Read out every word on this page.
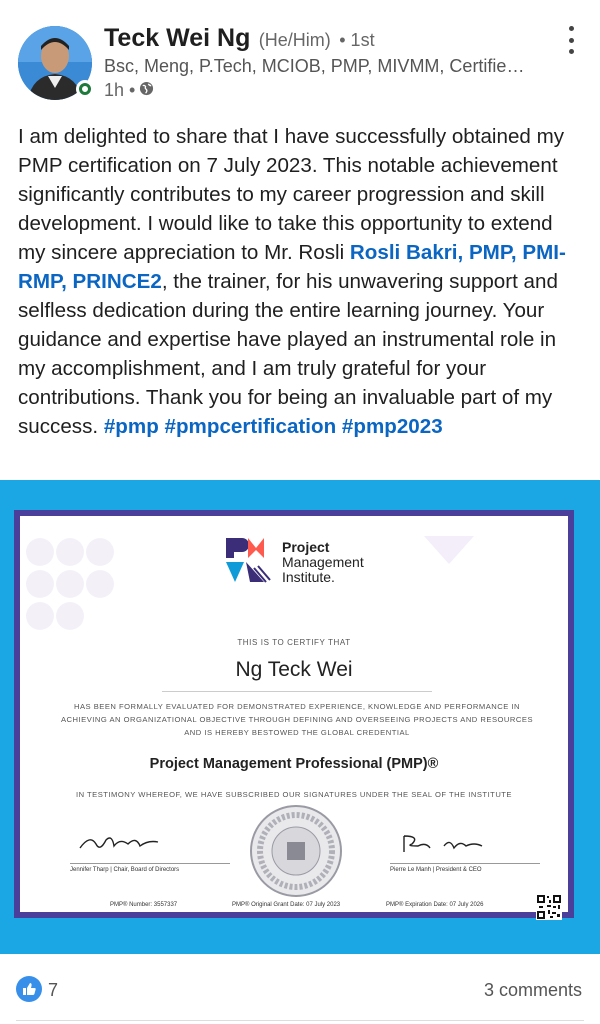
Teck Wei Ng (He/Him) • 1st
Bsc, Meng, P.Tech, MCIOB, PMP, MIVMM, Certified…
1h •
I am delighted to share that I have successfully obtained my PMP certification on 7 July 2023. This notable achievement significantly contributes to my career progression and skill development. I would like to take this opportunity to extend my sincere appreciation to Mr. Rosli Rosli Bakri, PMP, PMI-RMP, PRINCE2, the trainer, for his unwavering support and selfless dedication during the entire learning journey. Your guidance and expertise have played an instrumental role in my accomplishment, and I am truly grateful for your contributions. Thank you for being an invaluable part of my success. #pmp #pmpcertification #pmp2023
Project
Management
Institute.
THIS IS TO CERTIFY THAT
Ng Teck Wei
HAS BEEN FORMALLY EVALUATED FOR DEMONSTRATED EXPERIENCE, KNOWLEDGE AND PERFORMANCE IN ACHIEVING AN ORGANIZATIONAL OBJECTIVE THROUGH DEFINING AND OVERSEEING PROJECTS AND RESOURCES AND IS HEREBY BESTOWED THE GLOBAL CREDENTIAL
Project Management Professional (PMP)®
IN TESTIMONY WHEREOF, WE HAVE SUBSCRIBED OUR SIGNATURES UNDER THE SEAL OF THE INSTITUTE
Jennifer Tharp | Chair, Board of Directors	Pierre Le Manh | President & CEO
PMP® Number: 3557337	PMP® Original Grant Date: 07 July 2023	PMP® Expiration Date: 07 July 2026
7	3 comments
